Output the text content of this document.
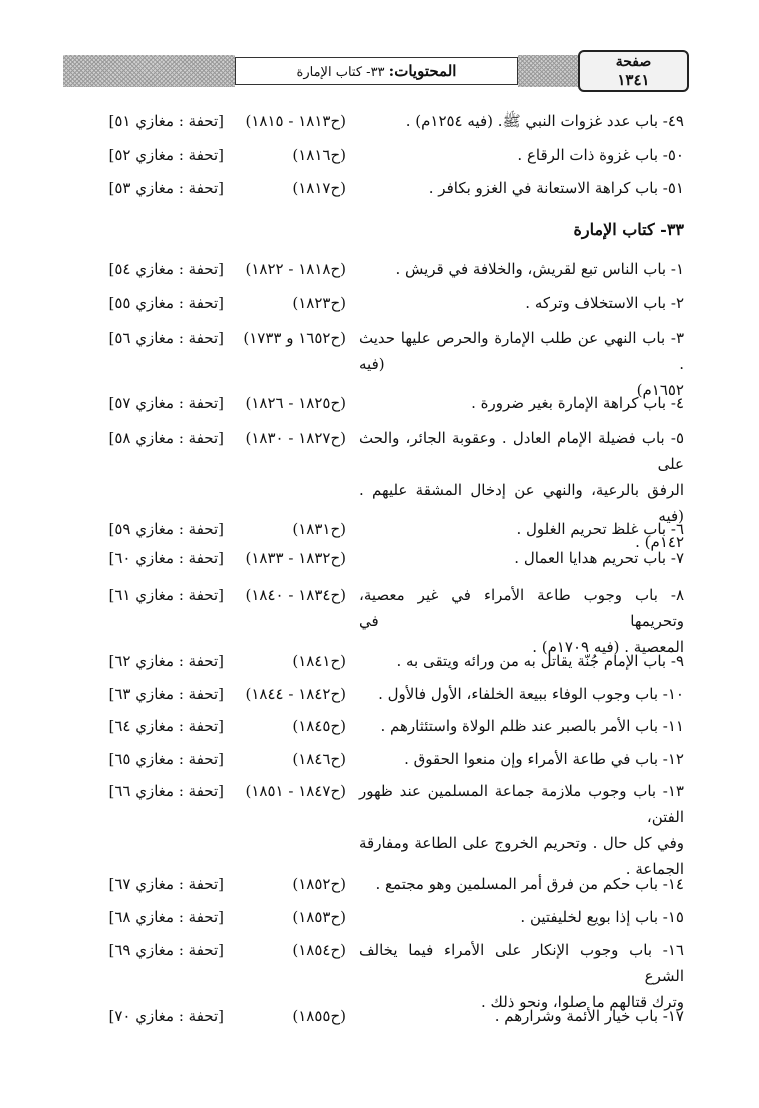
المحتويات: ٣٣- كتاب الإمارة
صفحة
١٣٤١
٣٣- كتاب الإمارة
٤٩- باب عدد غزوات النبي ﷺ. (فيه ١٢٥٤م) .
(ح١٨١٣ - ١٨١٥)
[تحفة : مغازي ٥١]
٥٠- باب غزوة ذات الرقاع .
(ح١٨١٦)
[تحفة : مغازي ٥٢]
٥١- باب كراهة الاستعانة في الغزو بكافر .
(ح١٨١٧)
[تحفة : مغازي ٥٣]
١- باب الناس تبع لقريش، والخلافة في قريش .
(ح١٨١٨ - ١٨٢٢)
[تحفة : مغازي ٥٤]
٢- باب الاستخلاف وتركه .
(ح١٨٢٣)
[تحفة : مغازي ٥٥]
٣- باب النهي عن طلب الإمارة والحرص عليها حديث . (فيه
١٦٥٢م)
(ح١٦٥٢ و ١٧٣٣)
[تحفة : مغازي ٥٦]
٤- باب كراهة الإمارة بغير ضرورة .
(ح١٨٢٥ - ١٨٢٦)
[تحفة : مغازي ٥٧]
٥- باب فضيلة الإمام العادل . وعقوبة الجائر، والحث على
الرفق بالرعية، والنهي عن إدخال المشقة عليهم . (فيه
١٤٢م) .
(ح١٨٢٧ - ١٨٣٠)
[تحفة : مغازي ٥٨]
٦- باب غلظ تحريم الغلول .
(ح١٨٣١)
[تحفة : مغازي ٥٩]
٧- باب تحريم هدايا العمال .
(ح١٨٣٢ - ١٨٣٣)
[تحفة : مغازي ٦٠]
٨- باب وجوب طاعة الأمراء في غير معصية، وتحريمها في
المعصية . (فيه ١٧٠٩م) .
(ح١٨٣٤ - ١٨٤٠)
[تحفة : مغازي ٦١]
٩- باب الإمام جُنّة يقاتل به من ورائه ويتقى به .
(ح١٨٤١)
[تحفة : مغازي ٦٢]
١٠- باب وجوب الوفاء ببيعة الخلفاء، الأول فالأول .
(ح١٨٤٢ - ١٨٤٤)
[تحفة : مغازي ٦٣]
١١- باب الأمر بالصبر عند ظلم الولاة واستئثارهم .
(ح١٨٤٥)
[تحفة : مغازي ٦٤]
١٢- باب في طاعة الأمراء وإن منعوا الحقوق .
(ح١٨٤٦)
[تحفة : مغازي ٦٥]
١٣- باب وجوب ملازمة جماعة المسلمين عند ظهور الفتن،
وفي كل حال . وتحريم الخروج على الطاعة ومفارقة
الجماعة .
(ح١٨٤٧ - ١٨٥١)
[تحفة : مغازي ٦٦]
١٤- باب حكم من فرق أمر المسلمين وهو مجتمع .
(ح١٨٥٢)
[تحفة : مغازي ٦٧]
١٥- باب إذا بويع لخليفتين .
(ح١٨٥٣)
[تحفة : مغازي ٦٨]
١٦- باب وجوب الإنكار على الأمراء فيما يخالف الشرع
وترك قتالهم ما صلوا، ونحو ذلك .
(ح١٨٥٤)
[تحفة : مغازي ٦٩]
١٧- باب خيار الأئمة وشرارهم .
(ح١٨٥٥)
[تحفة : مغازي ٧٠]
